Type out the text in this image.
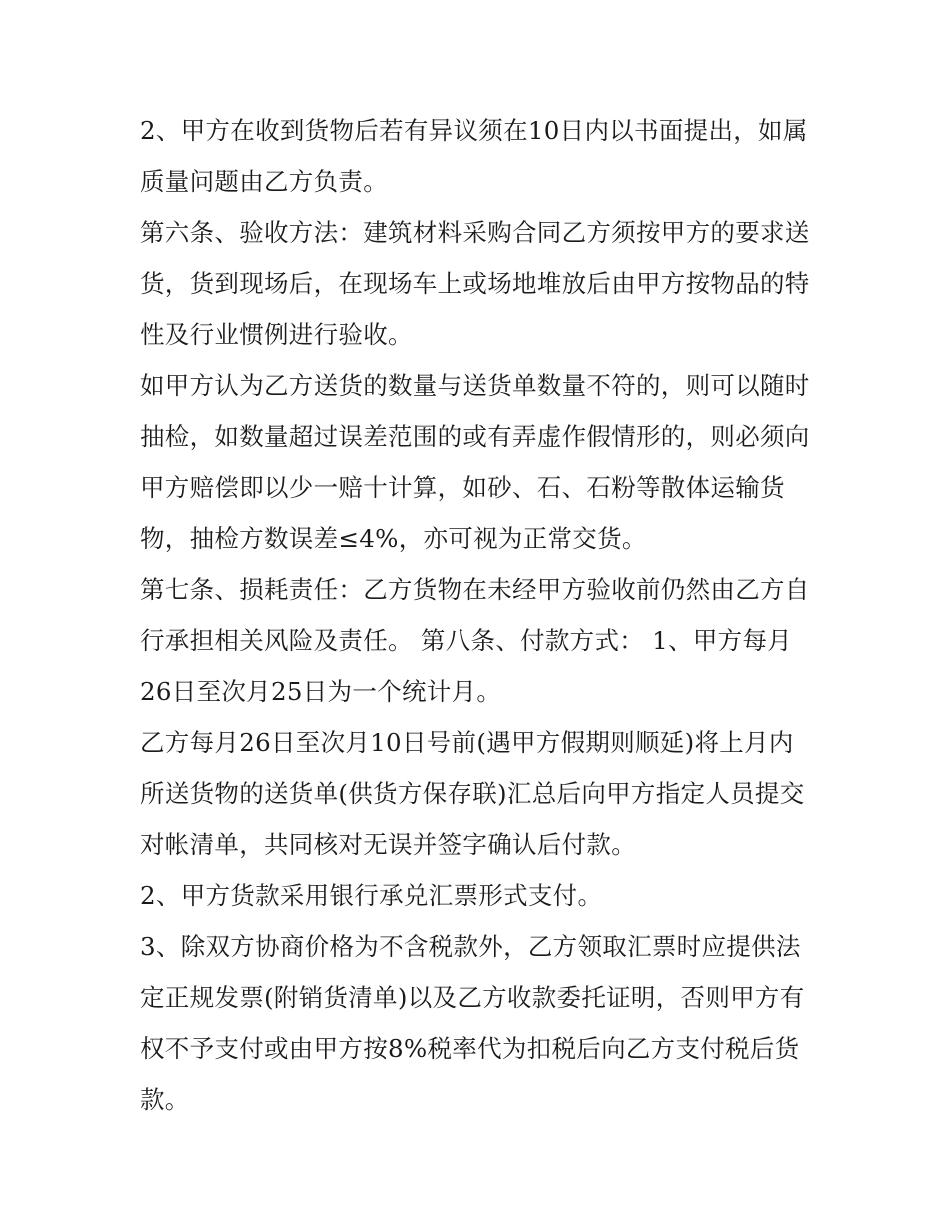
2、甲方在收到货物后若有异议须在10日内以书面提出，如属
质量问题由乙方负责。

第六条、验收方法：建筑材料采购合同乙方须按甲方的要求送
货，货到现场后，在现场车上或场地堆放后由甲方按物品的特
性及行业惯例进行验收。

如甲方认为乙方送货的数量与送货单数量不符的，则可以随时
抽检，如数量超过误差范围的或有弄虚作假情形的，则必须向
甲方赔偿即以少一赔十计算，如砂、石、石粉等散体运输货
物，抽检方数误差≤4%，亦可视为正常交货。

第七条、损耗责任：乙方货物在未经甲方验收前仍然由乙方自
行承担相关风险及责任。 第八条、付款方式： 1、甲方每月
26日至次月25日为一个统计月。

乙方每月26日至次月10日号前(遇甲方假期则顺延)将上月内
所送货物的送货单(供货方保存联)汇总后向甲方指定人员提交
对帐清单，共同核对无误并签字确认后付款。

2、甲方货款采用银行承兑汇票形式支付。

3、除双方协商价格为不含税款外，乙方领取汇票时应提供法
定正规发票(附销货清单)以及乙方收款委托证明，否则甲方有
权不予支付或由甲方按8%税率代为扣税后向乙方支付税后货
款。
